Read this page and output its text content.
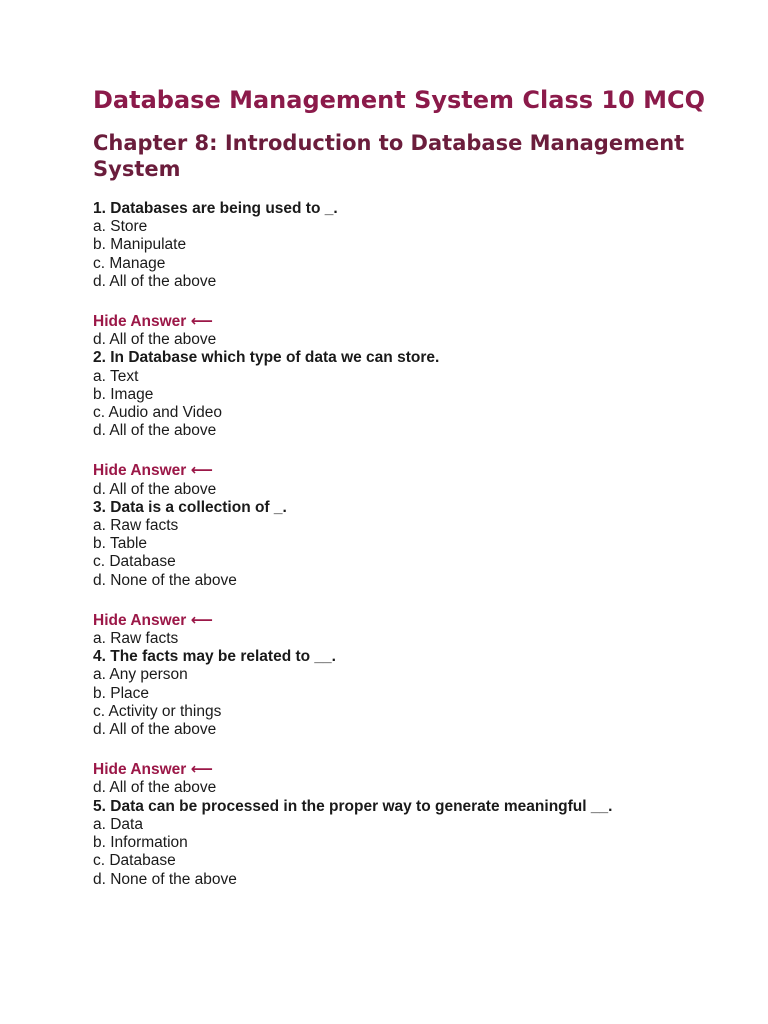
Database Management System Class 10 MCQ
Chapter 8: Introduction to Database Management System
1. Databases are being used to _.
a. Store
b. Manipulate
c. Manage
d. All of the above
Hide Answer ⟵
d. All of the above
2. In Database which type of data we can store.
a. Text
b. Image
c. Audio and Video
d. All of the above
Hide Answer ⟵
d. All of the above
3. Data is a collection of _.
a. Raw facts
b. Table
c. Database
d. None of the above
Hide Answer ⟵
a. Raw facts
4. The facts may be related to __.
a. Any person
b. Place
c. Activity or things
d. All of the above
Hide Answer ⟵
d. All of the above
5. Data can be processed in the proper way to generate meaningful __.
a. Data
b. Information
c. Database
d. None of the above
